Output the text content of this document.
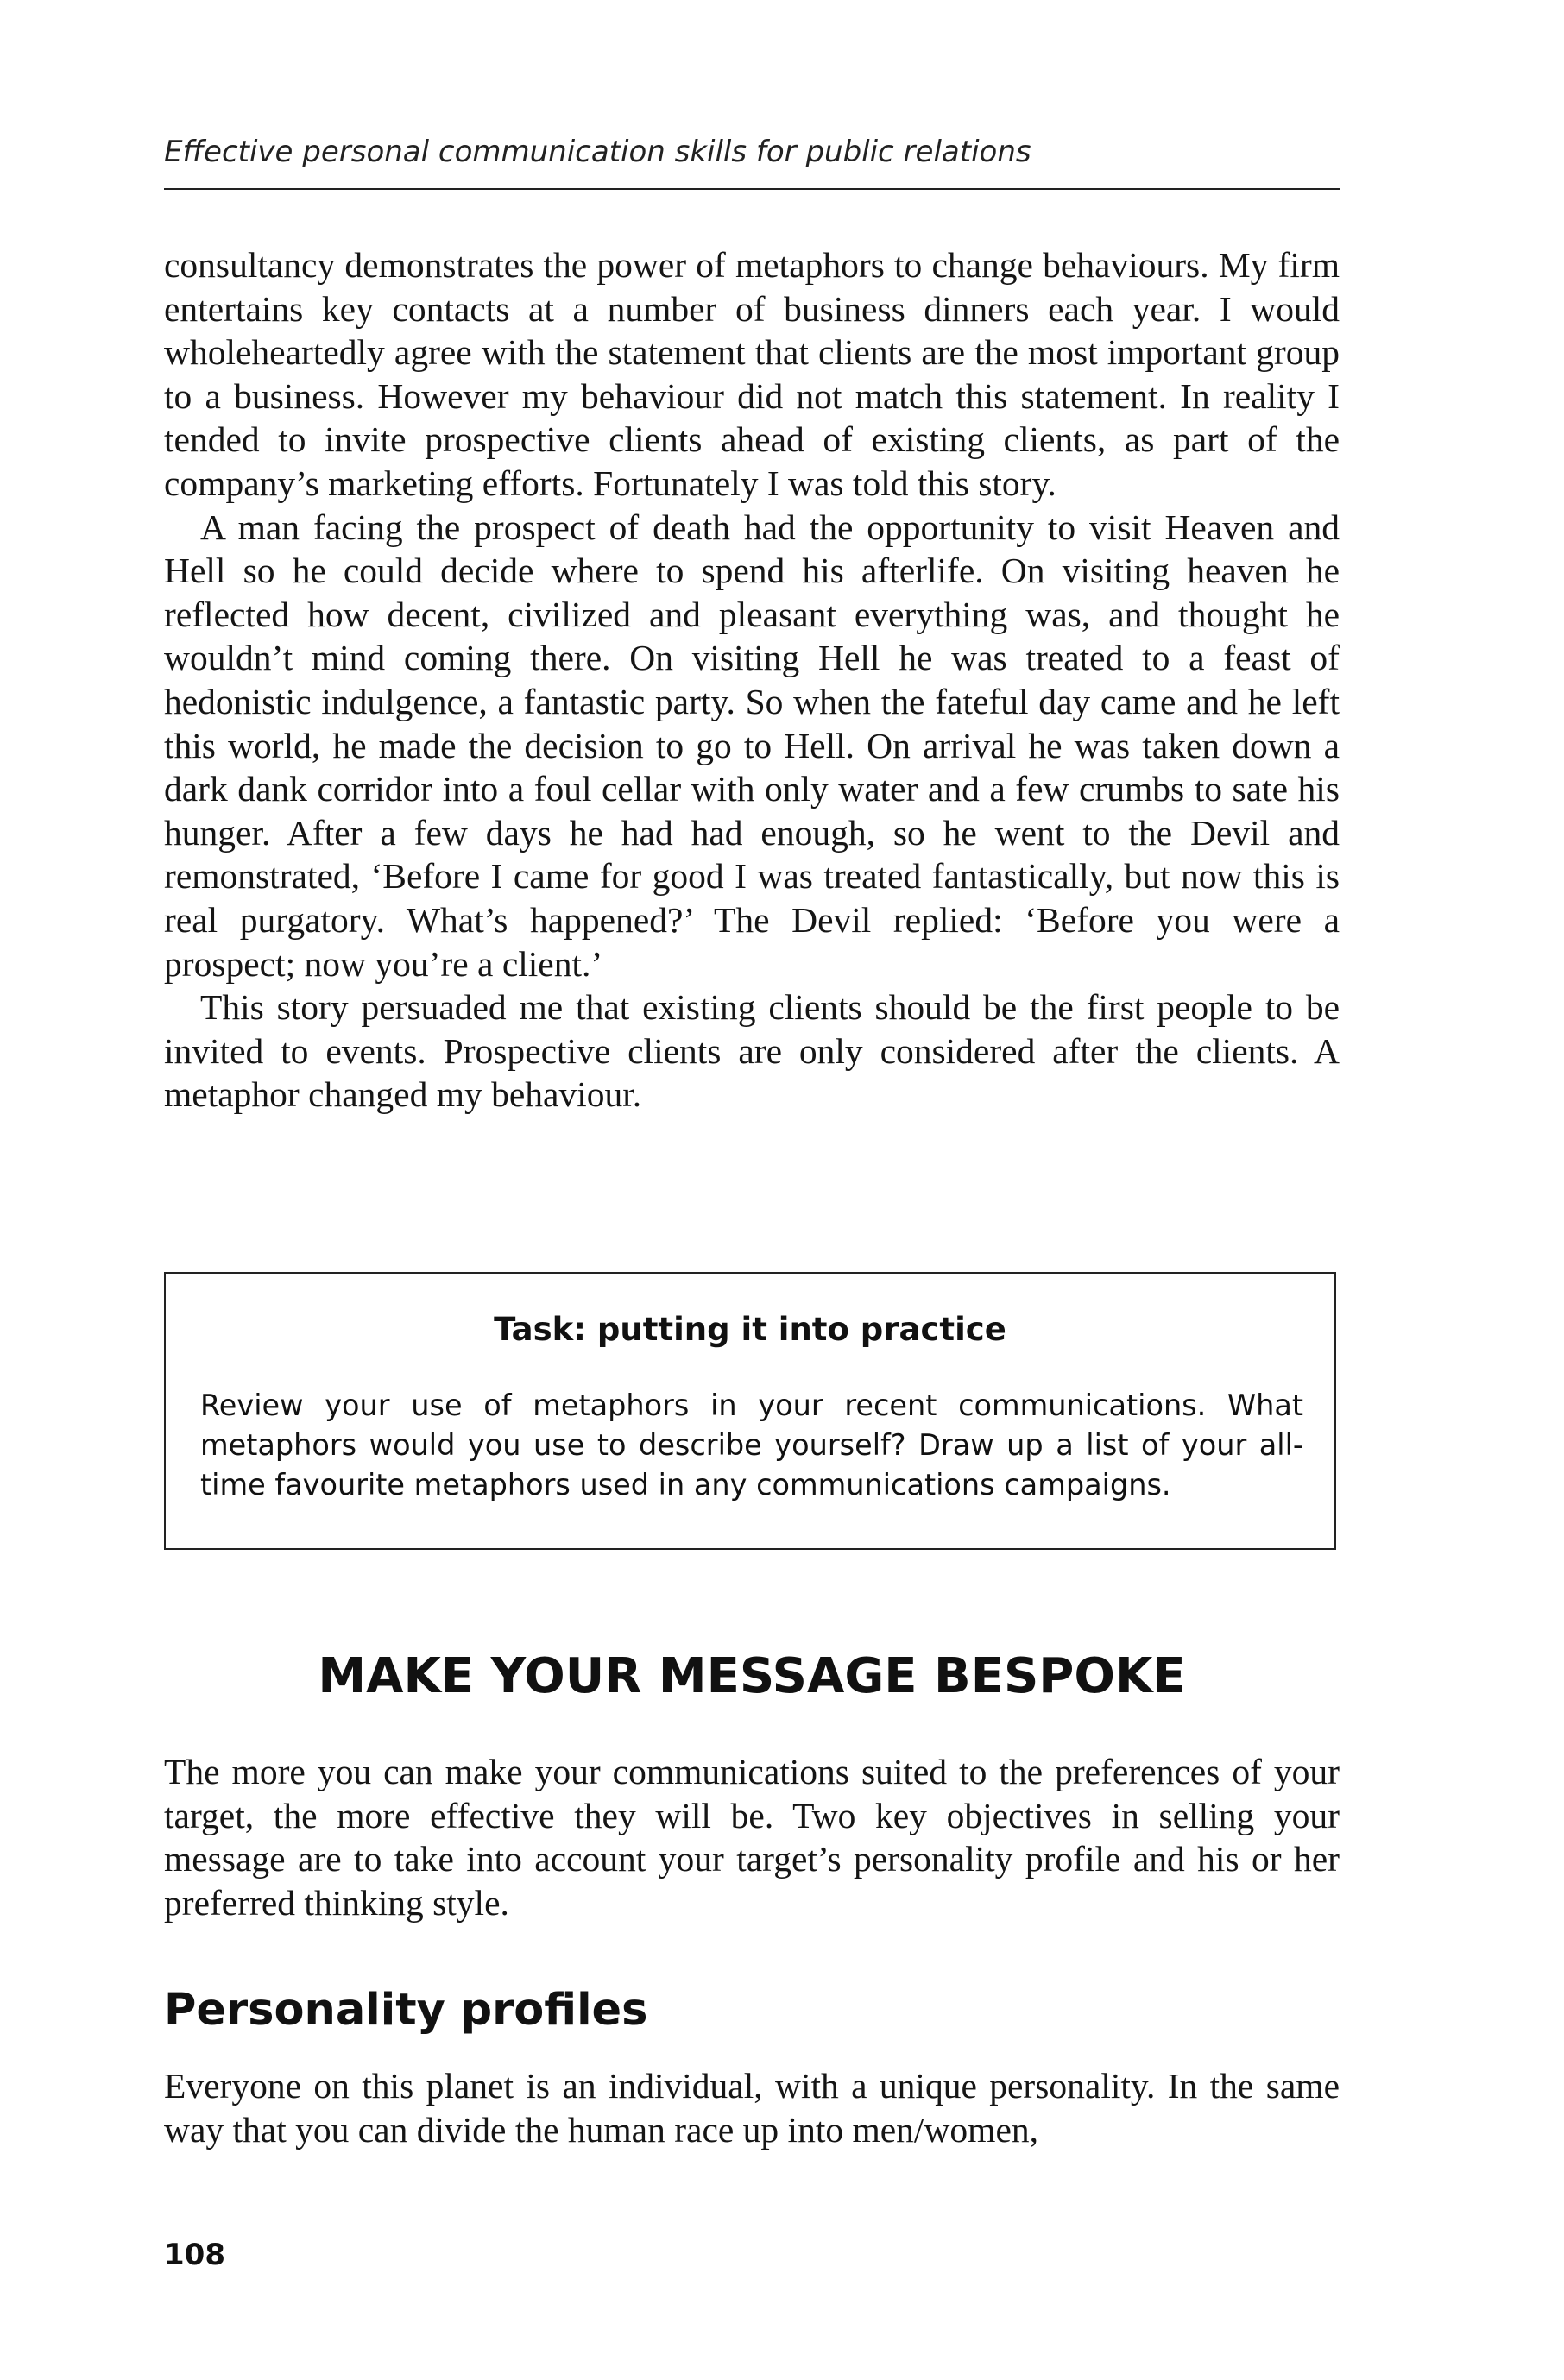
Effective personal communication skills for public relations

consultancy demonstrates the power of metaphors to change behaviours. My firm entertains key contacts at a number of business dinners each year. I would wholeheartedly agree with the statement that clients are the most important group to a business. However my behaviour did not match this statement. In reality I tended to invite prospective clients ahead of existing clients, as part of the company’s marketing efforts. Fortunately I was told this story.

A man facing the prospect of death had the opportunity to visit Heaven and Hell so he could decide where to spend his afterlife. On visiting heaven he reflected how decent, civilized and pleasant everything was, and thought he wouldn’t mind coming there. On visiting Hell he was treated to a feast of hedonistic indulgence, a fantastic party. So when the fateful day came and he left this world, he made the decision to go to Hell. On arrival he was taken down a dark dank corridor into a foul cellar with only water and a few crumbs to sate his hunger. After a few days he had had enough, so he went to the Devil and remonstrated, ‘Before I came for good I was treated fantastically, but now this is real purgatory. What’s happened?’ The Devil replied: ‘Before you were a prospect; now you’re a client.’

This story persuaded me that existing clients should be the first people to be invited to events. Prospective clients are only considered after the clients. A metaphor changed my behaviour.

Task: putting it into practice

Review your use of metaphors in your recent communications. What metaphors would you use to describe yourself? Draw up a list of your all-time favourite metaphors used in any communications campaigns.

MAKE YOUR MESSAGE BESPOKE

The more you can make your communications suited to the preferences of your target, the more effective they will be. Two key objectives in selling your message are to take into account your target’s personality profile and his or her preferred thinking style.

Personality profiles

Everyone on this planet is an individual, with a unique personality. In the same way that you can divide the human race up into men/women,

108
